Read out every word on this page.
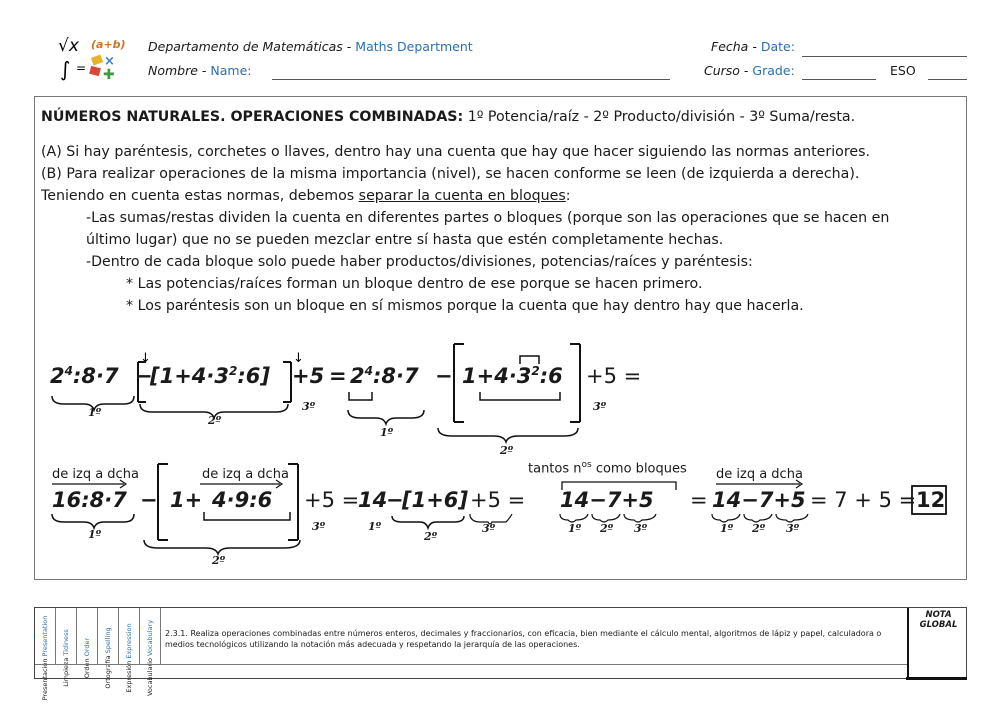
√x (a+b)
∫ = ×
✚
Departamento de Matemáticas - Maths Department
Nombre - Name:
Fecha - Date:
Curso - Grade:	ESO
NÚMEROS NATURALES. OPERACIONES COMBINADAS: 1º Potencia/raíz - 2º Producto/división - 3º Suma/resta.
(A) Si hay paréntesis, corchetes o llaves, dentro hay una cuenta que hay que hacer siguiendo las normas anteriores.
(B) Para realizar operaciones de la misma importancia (nivel), se hacen conforme se leen (de izquierda a derecha).
Teniendo en cuenta estas normas, debemos separar la cuenta en bloques:
-Las sumas/restas dividen la cuenta en diferentes partes o bloques (porque son las operaciones que se hacen en
último lugar) que no se pueden mezclar entre sí hasta que estén completamente hechas.
-Dentro de cada bloque solo puede haber productos/divisiones, potencias/raíces y paréntesis:
* Las potencias/raíces forman un bloque dentro de ese porque se hacen primero.
* Los paréntesis son un bloque en sí mismos porque la cuenta que hay dentro hay que hacerla.
↓	↓
$2^4:8\cdot 7$ −
$[1+4\cdot 3^2:6] +5$ = $2^4:8\cdot 7$ − $1+4\cdot 3^2:6 +5$ =
1º
2º
3º
1º
2º
3º
de izq a dcha	de izq a dcha	tantos $n^{os}$ como bloques de izq a dcha
16:8·7 − 1+ 4·9:6 +5 =
14
−
[1+6] +5 = 14−7+5 = 14−7+5 = 7 + 5 = 12
1º
2º
3º	1º
2º
3º	1º 2º 3º	1º 2º 3º
Presentación Presentation
Limpieza Tidiness
Orden Order
Ortografía Spelling
Expresión Expression
Vocabulario Vocabulary 2.3.1. Realiza operaciones combinadas entre números enteros, decimales y fraccionarios, con eficacia, bien mediante el cálculo mental, algoritmos de lápiz y papel, calculadora o medios tecnológicos utilizando la notación más adecuada y respetando la jerarquía de las operaciones.
NOTA
GLOBAL
